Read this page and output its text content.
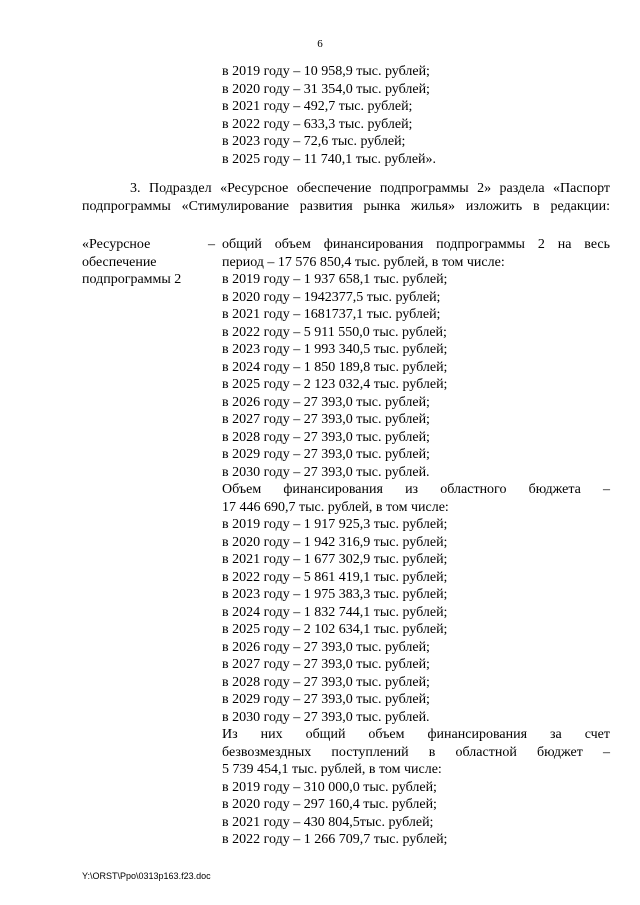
6
в 2019 году – 10 958,9 тыс. рублей;
в 2020 году – 31 354,0 тыс. рублей;
в 2021 году – 492,7 тыс. рублей;
в 2022 году – 633,3 тыс. рублей;
в 2023 году – 72,6 тыс. рублей;
в 2025 году – 11 740,1 тыс. рублей».
3. Подраздел «Ресурсное обеспечение подпрограммы 2» раздела «Паспорт
подпрограммы «Стимулирование развития рынка жилья» изложить в редакции:
«Ресурсное
обеспечение
подпрограммы 2
– общий объем финансирования подпрограммы 2 на весь
период – 17 576 850,4 тыс. рублей, в том числе:
в 2019 году – 1 937 658,1 тыс. рублей;
в 2020 году – 1942377,5 тыс. рублей;
в 2021 году – 1681737,1 тыс. рублей;
в 2022 году – 5 911 550,0 тыс. рублей;
в 2023 году – 1 993 340,5 тыс. рублей;
в 2024 году – 1 850 189,8 тыс. рублей;
в 2025 году – 2 123 032,4 тыс. рублей;
в 2026 году – 27 393,0 тыс. рублей;
в 2027 году – 27 393,0 тыс. рублей;
в 2028 году – 27 393,0 тыс. рублей;
в 2029 году – 27 393,0 тыс. рублей;
в 2030 году – 27 393,0 тыс. рублей.
Объем финансирования из областного бюджета –
17 446 690,7 тыс. рублей, в том числе:
в 2019 году – 1 917 925,3 тыс. рублей;
в 2020 году – 1 942 316,9 тыс. рублей;
в 2021 году – 1 677 302,9 тыс. рублей;
в 2022 году – 5 861 419,1 тыс. рублей;
в 2023 году – 1 975 383,3 тыс. рублей;
в 2024 году – 1 832 744,1 тыс. рублей;
в 2025 году – 2 102 634,1 тыс. рублей;
в 2026 году – 27 393,0 тыс. рублей;
в 2027 году – 27 393,0 тыс. рублей;
в 2028 году – 27 393,0 тыс. рублей;
в 2029 году – 27 393,0 тыс. рублей;
в 2030 году – 27 393,0 тыс. рублей.
Из них общий объем финансирования за счет
безвозмездных поступлений в областной бюджет –
5 739 454,1 тыс. рублей, в том числе:
в 2019 году – 310 000,0 тыс. рублей;
в 2020 году – 297 160,4 тыс. рублей;
в 2021 году – 430 804,5тыс. рублей;
в 2022 году – 1 266 709,7 тыс. рублей;
Y:\ORST\Ppo\0313p163.f23.doc
